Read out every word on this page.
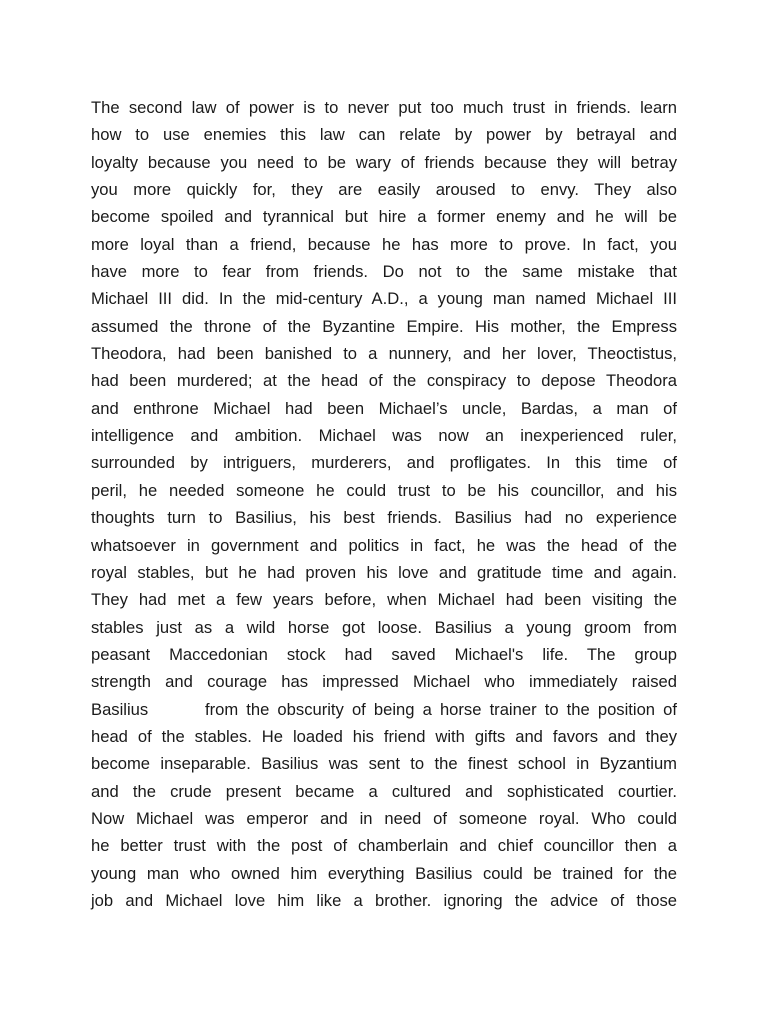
The second law of power is to never put too much trust in friends. learn
how to use enemies this law can relate by power by betrayal and
loyalty because you need to be wary of friends because they will betray
you more quickly for, they are easily aroused to envy. They also
become spoiled and tyrannical but hire a former enemy and he will be
more loyal than a friend, because he has more to prove. In fact, you
have more to fear from friends. Do not to the same mistake that
Michael III did. In the mid-century A.D., a young man named Michael III
assumed the throne of the Byzantine Empire. His mother, the Empress
Theodora, had been banished to a nunnery, and her lover, Theoctistus,
had been murdered; at the head of the conspiracy to depose Theodora
and enthrone Michael had been Michael’s uncle, Bardas, a man of
intelligence and ambition. Michael was now an inexperienced ruler,
surrounded by intriguers, murderers, and profligates. In this time of
peril, he needed someone he could trust to be his councillor, and his
thoughts turn to Basilius, his best friends. Basilius had no experience
whatsoever in government and politics in fact, he was the head of the
royal stables, but he had proven his love and gratitude time and again.
They had met a few years before, when Michael had been visiting the
stables just as a wild horse got loose. Basilius a young groom from
peasant Maccedonian stock had saved Michael's life. The group
strength and courage has impressed Michael who immediately raised
Basilius       from the obscurity of being a horse trainer to the position of
head of the stables. He loaded his friend with gifts and favors and they
become inseparable. Basilius was sent to the finest school in Byzantium
and the crude present became a cultured and sophisticated courtier.
Now Michael was emperor and in need of someone royal. Who could
he better trust with the post of chamberlain and chief councillor then a
young man who owned him everything Basilius could be trained for the
job and Michael love him like a brother. ignoring the advice of those
